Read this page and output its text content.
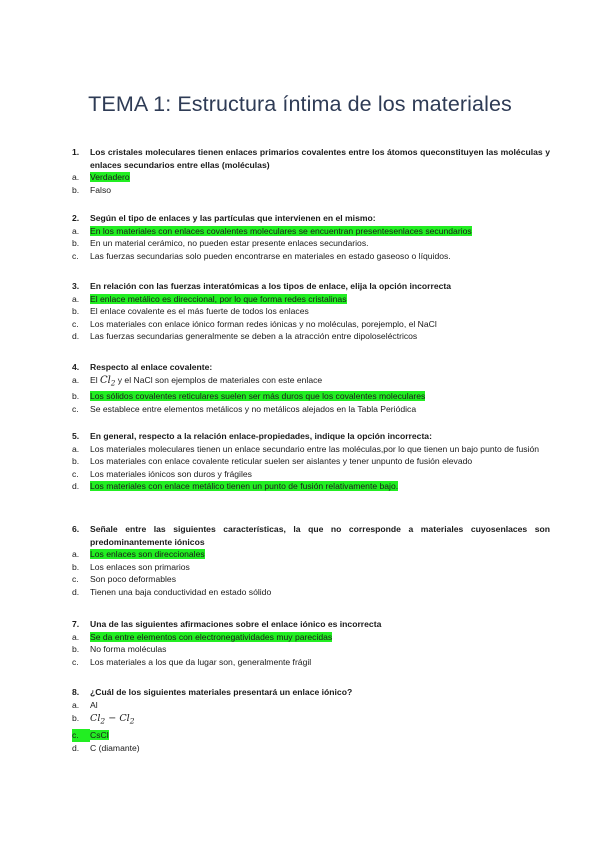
TEMA 1: Estructura íntima de los materiales
1.	Los cristales moleculares tienen enlaces primarios covalentes entre los átomos queconstituyen las moléculas y enlaces secundarios entre ellas (moléculas)
a.	Verdadero
b.	Falso
2.	Según el tipo de enlaces y las partículas que intervienen en el mismo:
a.	En los materiales con enlaces covalentes moleculares se encuentran presentesenlaces secundarios
b.	En un material cerámico, no pueden estar presente enlaces secundarios.
c.	Las fuerzas secundarias solo pueden encontrarse en materiales en estado gaseoso o líquidos.
3.	En relación con las fuerzas interatómicas a los tipos de enlace, elija la opción incorrecta
a.	El enlace metálico es direccional, por lo que forma redes cristalinas
b.	El enlace covalente es el más fuerte de todos los enlaces
c.	Los materiales con enlace iónico forman redes iónicas y no moléculas, porejemplo, el NaCl
d.	Las fuerzas secundarias generalmente se deben a la atracción entre dipoloseléctricos
4.	Respecto al enlace covalente:
a.	El $Cl_2$ y el NaCl son ejemplos de materiales con este enlace
b.	Los sólidos covalentes reticulares suelen ser más duros que los covalentes moleculares
c.	Se establece entre elementos metálicos y no metálicos alejados en la Tabla Periódica
5.	En general, respecto a la relación enlace-propiedades, indique la opción incorrecta:
a.	Los materiales moleculares tienen un enlace secundario entre las moléculas,por lo que tienen un bajo punto de fusión
b.	Los materiales con enlace covalente reticular suelen ser aislantes y tener unpunto de fusión elevado
c.	Los materiales iónicos son duros y frágiles
d.	Los materiales con enlace metálico tienen un punto de fusión relativamente bajo.
6.	Señale entre las siguientes características, la que no corresponde a materiales cuyosenlaces son predominantemente iónicos
a.	Los enlaces son direccionales
b.	Los enlaces son primarios
c.	Son poco deformables
d.	Tienen una baja conductividad en estado sólido
7.	Una de las siguientes afirmaciones sobre el enlace iónico es incorrecta
a.	Se da entre elementos con electronegatividades muy parecidas
b.	No forma moléculas
c.	Los materiales a los que da lugar son, generalmente frágil
8.	¿Cuál de los siguientes materiales presentará un enlace iónico?
a.	Al
b.	$Cl_2 - Cl_2$
c.	CsCl
d.	C (diamante)
